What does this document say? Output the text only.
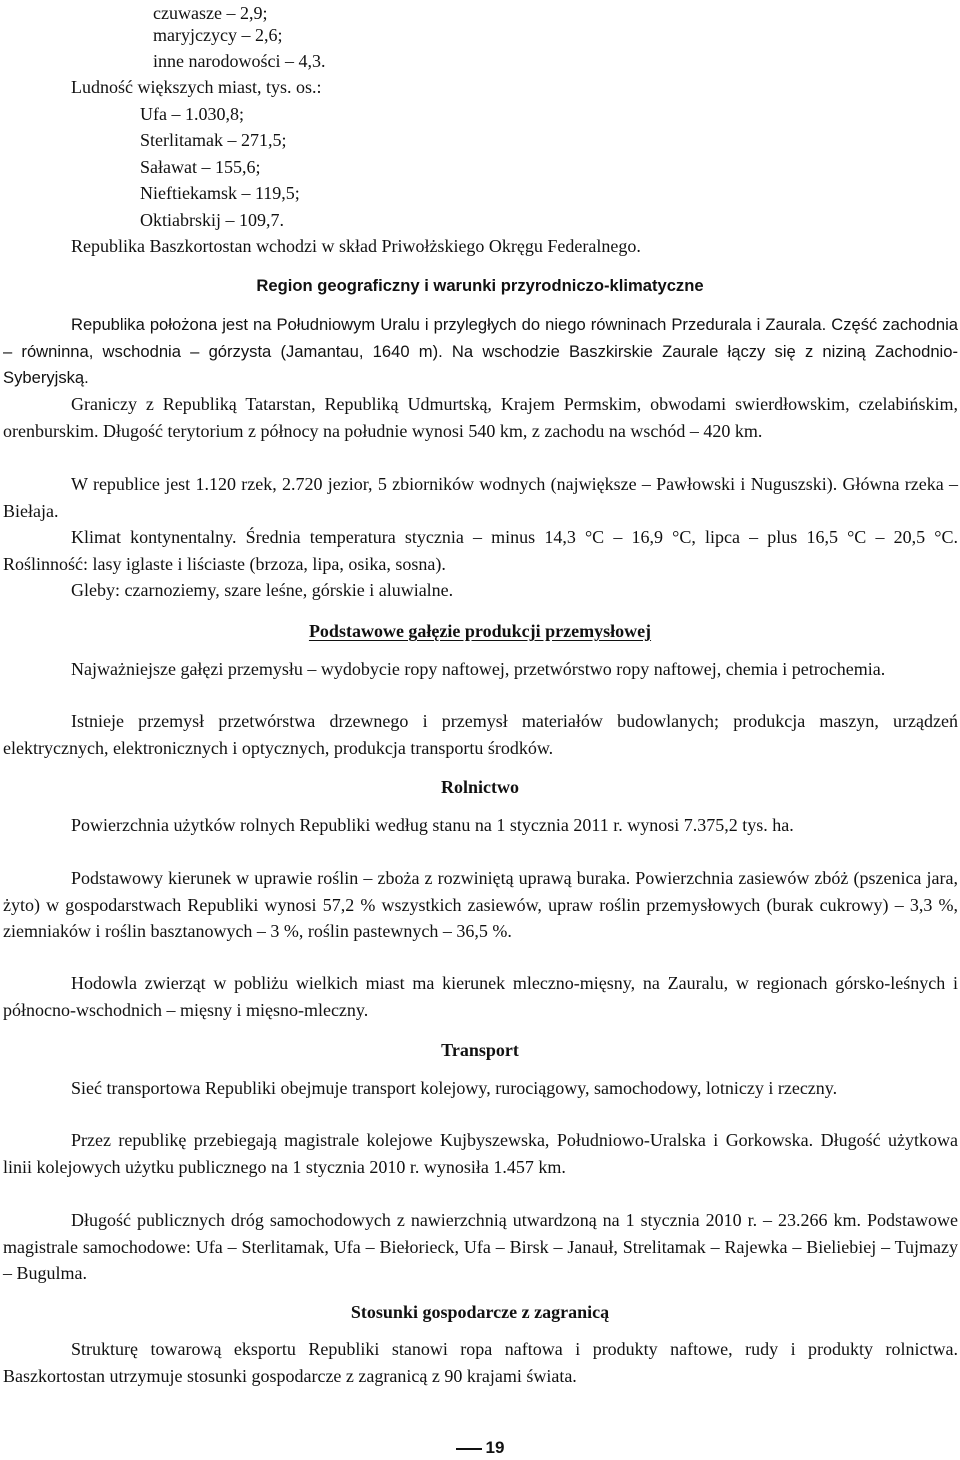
czuwasze – 2,9;
maryjczycy – 2,6;
inne narodowości – 4,3.
Ludność większych miast, tys. os.:
Ufa – 1.030,8;
Sterlitamak – 271,5;
Saławat – 155,6;
Nieftiekamsk – 119,5;
Oktiabrskij – 109,7.
Republika Baszkortostan wchodzi w skład Priwołżskiego Okręgu Federalnego.
Region geograficzny i warunki przyrodniczo-klimatyczne
Republika położona jest na Południowym Uralu i przyległych do niego równinach Przedurala i Zaurala. Część zachodnia – równinna, wschodnia – górzysta (Jamantau, 1640 m). Na wschodzie Baszkirskie Zaurale łączy się z niziną Zachodnio-Syberyjską.
Graniczy z Republiką Tatarstan, Republiką Udmurtską, Krajem Permskim, obwodami swierdłowskim, czelabińskim, orenburskim. Długość terytorium z północy na południe wynosi 540 km, z zachodu na wschód – 420 km.
W republice jest 1.120 rzek, 2.720 jezior, 5 zbiorników wodnych (największe – Pawłowski i Nuguszski). Główna rzeka – Biełaja.
Klimat kontynentalny. Średnia temperatura stycznia – minus 14,3 °C – 16,9 °C, lipca – plus 16,5 °C – 20,5 °C. Roślinność: lasy iglaste i liściaste (brzoza, lipa, osika, sosna).
Gleby: czarnoziemy, szare leśne, górskie i aluwialne.
Podstawowe gałęzie produkcji przemysłowej
Najważniejsze gałęzi przemysłu – wydobycie ropy naftowej, przetwórstwo ropy naftowej, chemia i petrochemia.
Istnieje przemysł przetwórstwa drzewnego i przemysł materiałów budowlanych; produkcja maszyn, urządzeń elektrycznych, elektronicznych i optycznych, produkcja transportu środków.
Rolnictwo
Powierzchnia użytków rolnych Republiki według stanu na 1 stycznia 2011 r. wynosi 7.375,2 tys. ha.
Podstawowy kierunek w uprawie roślin – zboża z rozwiniętą uprawą buraka. Powierzchnia zasiewów zbóż (pszenica jara, żyto) w gospodarstwach Republiki wynosi 57,2 % wszystkich zasiewów, upraw roślin przemysłowych (burak cukrowy) – 3,3 %, ziemniaków i roślin basztanowych – 3 %, roślin pastewnych – 36,5 %.
Hodowla zwierząt w pobliżu wielkich miast ma kierunek mleczno-mięsny, na Zauralu, w regionach górsko-leśnych i północno-wschodnich – mięsny i mięsno-mleczny.
Transport
Sieć transportowa Republiki obejmuje transport kolejowy, rurociągowy, samochodowy, lotniczy i rzeczny.
Przez republikę przebiegają magistrale kolejowe Kujbyszewska, Południowo-Uralska i Gorkowska. Długość użytkowa linii kolejowych użytku publicznego na 1 stycznia 2010 r. wynosiła 1.457 km.
Długość publicznych dróg samochodowych z nawierzchnią utwardzoną na 1 stycznia 2010 r. – 23.266 km. Podstawowe magistrale samochodowe: Ufa – Sterlitamak, Ufa – Biełorieck, Ufa – Birsk – Janauł, Strelitamak – Rajewka – Bieliebiej – Tujmazy – Bugulma.
Stosunki gospodarcze z zagranicą
Strukturę towarową eksportu Republiki stanowi ropa naftowa i produkty naftowe, rudy i produkty rolnictwa. Baszkortostan utrzymuje stosunki gospodarcze z zagranicą z 90 krajami świata.
19
